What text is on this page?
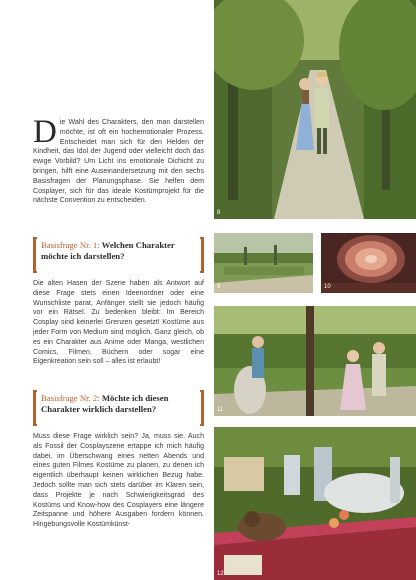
8
9	10
11
12
D ie Wahl des Charakters, den man darstellen möchte, ist oft ein hochemotionaler Prozess. Entscheidet man sich für den Helden der Kindheit, das Idol der Jugend oder vielleicht doch das ewige Vorbild? Um Licht ins emotionale Dichicht zu bringen, hilft eine Auseinandersetzung mit den sechs Basisfragen der Planungsphase. Sie helfen dem Cosplayer, sich für das ideale Kostümprojekt für die nächste Convention zu entscheiden.
Basisfrage Nr. 1: Welchen Charakter möchte ich darstellen?

Die alten Hasen der Szene haben als Antwort auf diese Frage stets einen Ideenordner oder eine Wunschliste parat, Anfänger stellt sie jedoch häufig vor ein Rätsel. Zu bedenken bleibt: Im Bereich Cosplay sind keinerlei Grenzen gesetzt! Kostüme aus jeder Form von Medium sind möglich. Ganz gleich, ob es ein Charakter aus Anime oder Manga, westlichen Comics, Filmen, Büchern oder sogar eine Eigenkreation sein soll – alles ist erlaubt!

Basisfrage Nr. 2: Möchte ich diesen Charakter wirklich darstellen?

Muss diese Frage wirklich sein? Ja, muss sie. Auch als Fossil der Cosplayszene ertappe ich mich häufig dabei, im Überschwang eines netten Abends und eines guten Filmes Kostüme zu planen, zu denen ich eigentlich überhaupt keinen wirklichen Bezug habe. Jedoch sollte man sich stets darüber im Klaren sein, dass Projekte je nach Schwierigkeitsgrad des Kostüms und Know-how des Cosplayers eine längere Zeitspanne und höhere Ausgaben fordern können. Hingebungsvolle Kostümkünst-
